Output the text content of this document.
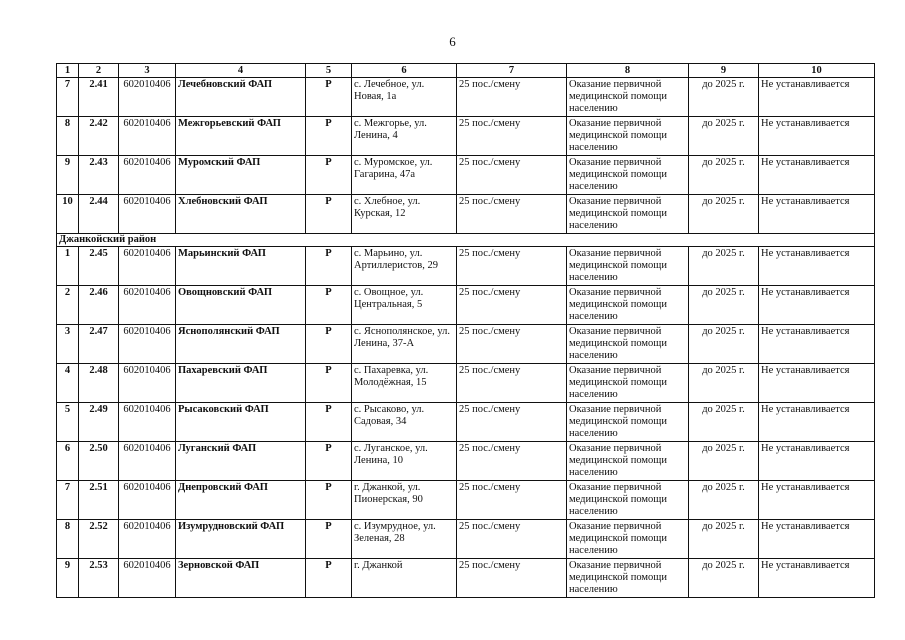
6
1	2	3	4	5	6	7	8	9	10
7	2.41	602010406	Лечебновский ФАП	Р	с. Лечебное, ул. Новая, 1а	25 пос./смену	Оказание первичной медицинской помощи населению	до 2025 г.	Не устанавливается
8	2.42	602010406	Межгорьевский ФАП	Р	с. Межгорье, ул. Ленина, 4	25 пос./смену	Оказание первичной медицинской помощи населению	до 2025 г.	Не устанавливается
9	2.43	602010406	Муромский ФАП	Р	с. Муромское, ул. Гагарина, 47а	25 пос./смену	Оказание первичной медицинской помощи населению	до 2025 г.	Не устанавливается
10	2.44	602010406	Хлебновский ФАП	Р	с. Хлебное, ул. Курская, 12	25 пос./смену	Оказание первичной медицинской помощи населению	до 2025 г.	Не устанавливается
Джанкойский район									
1	2.45	602010406	Марьинский ФАП	Р	с. Марьино, ул. Артиллеристов, 29	25 пос./смену	Оказание первичной медицинской помощи населению	до 2025 г.	Не устанавливается
2	2.46	602010406	Овощновский ФАП	Р	с. Овощное, ул. Центральная, 5	25 пос./смену	Оказание первичной медицинской помощи населению	до 2025 г.	Не устанавливается
3	2.47	602010406	Яснополянский ФАП	Р	с. Яснополянское, ул. Ленина, 37-А	25 пос./смену	Оказание первичной медицинской помощи населению	до 2025 г.	Не устанавливается
4	2.48	602010406	Пахаревский ФАП	Р	с. Пахаревка, ул. Молодёжная, 15	25 пос./смену	Оказание первичной медицинской помощи населению	до 2025 г.	Не устанавливается
5	2.49	602010406	Рысаковский ФАП	Р	с. Рысаково, ул. Садовая, 34	25 пос./смену	Оказание первичной медицинской помощи населению	до 2025 г.	Не устанавливается
6	2.50	602010406	Луганский ФАП	Р	с. Луганское, ул. Ленина, 10	25 пос./смену	Оказание первичной медицинской помощи населению	до 2025 г.	Не устанавливается
7	2.51	602010406	Днепровский ФАП	Р	г. Джанкой, ул. Пионерская, 90	25 пос./смену	Оказание первичной медицинской помощи населению	до 2025 г.	Не устанавливается
8	2.52	602010406	Изумрудновский ФАП	Р	с. Изумрудное, ул. Зеленая, 28	25 пос./смену	Оказание первичной медицинской помощи населению	до 2025 г.	Не устанавливается
9	2.53	602010406	Зерновской ФАП	Р	г. Джанкой	25 пос./смену	Оказание первичной медицинской помощи населению	до 2025 г.	Не устанавливается
